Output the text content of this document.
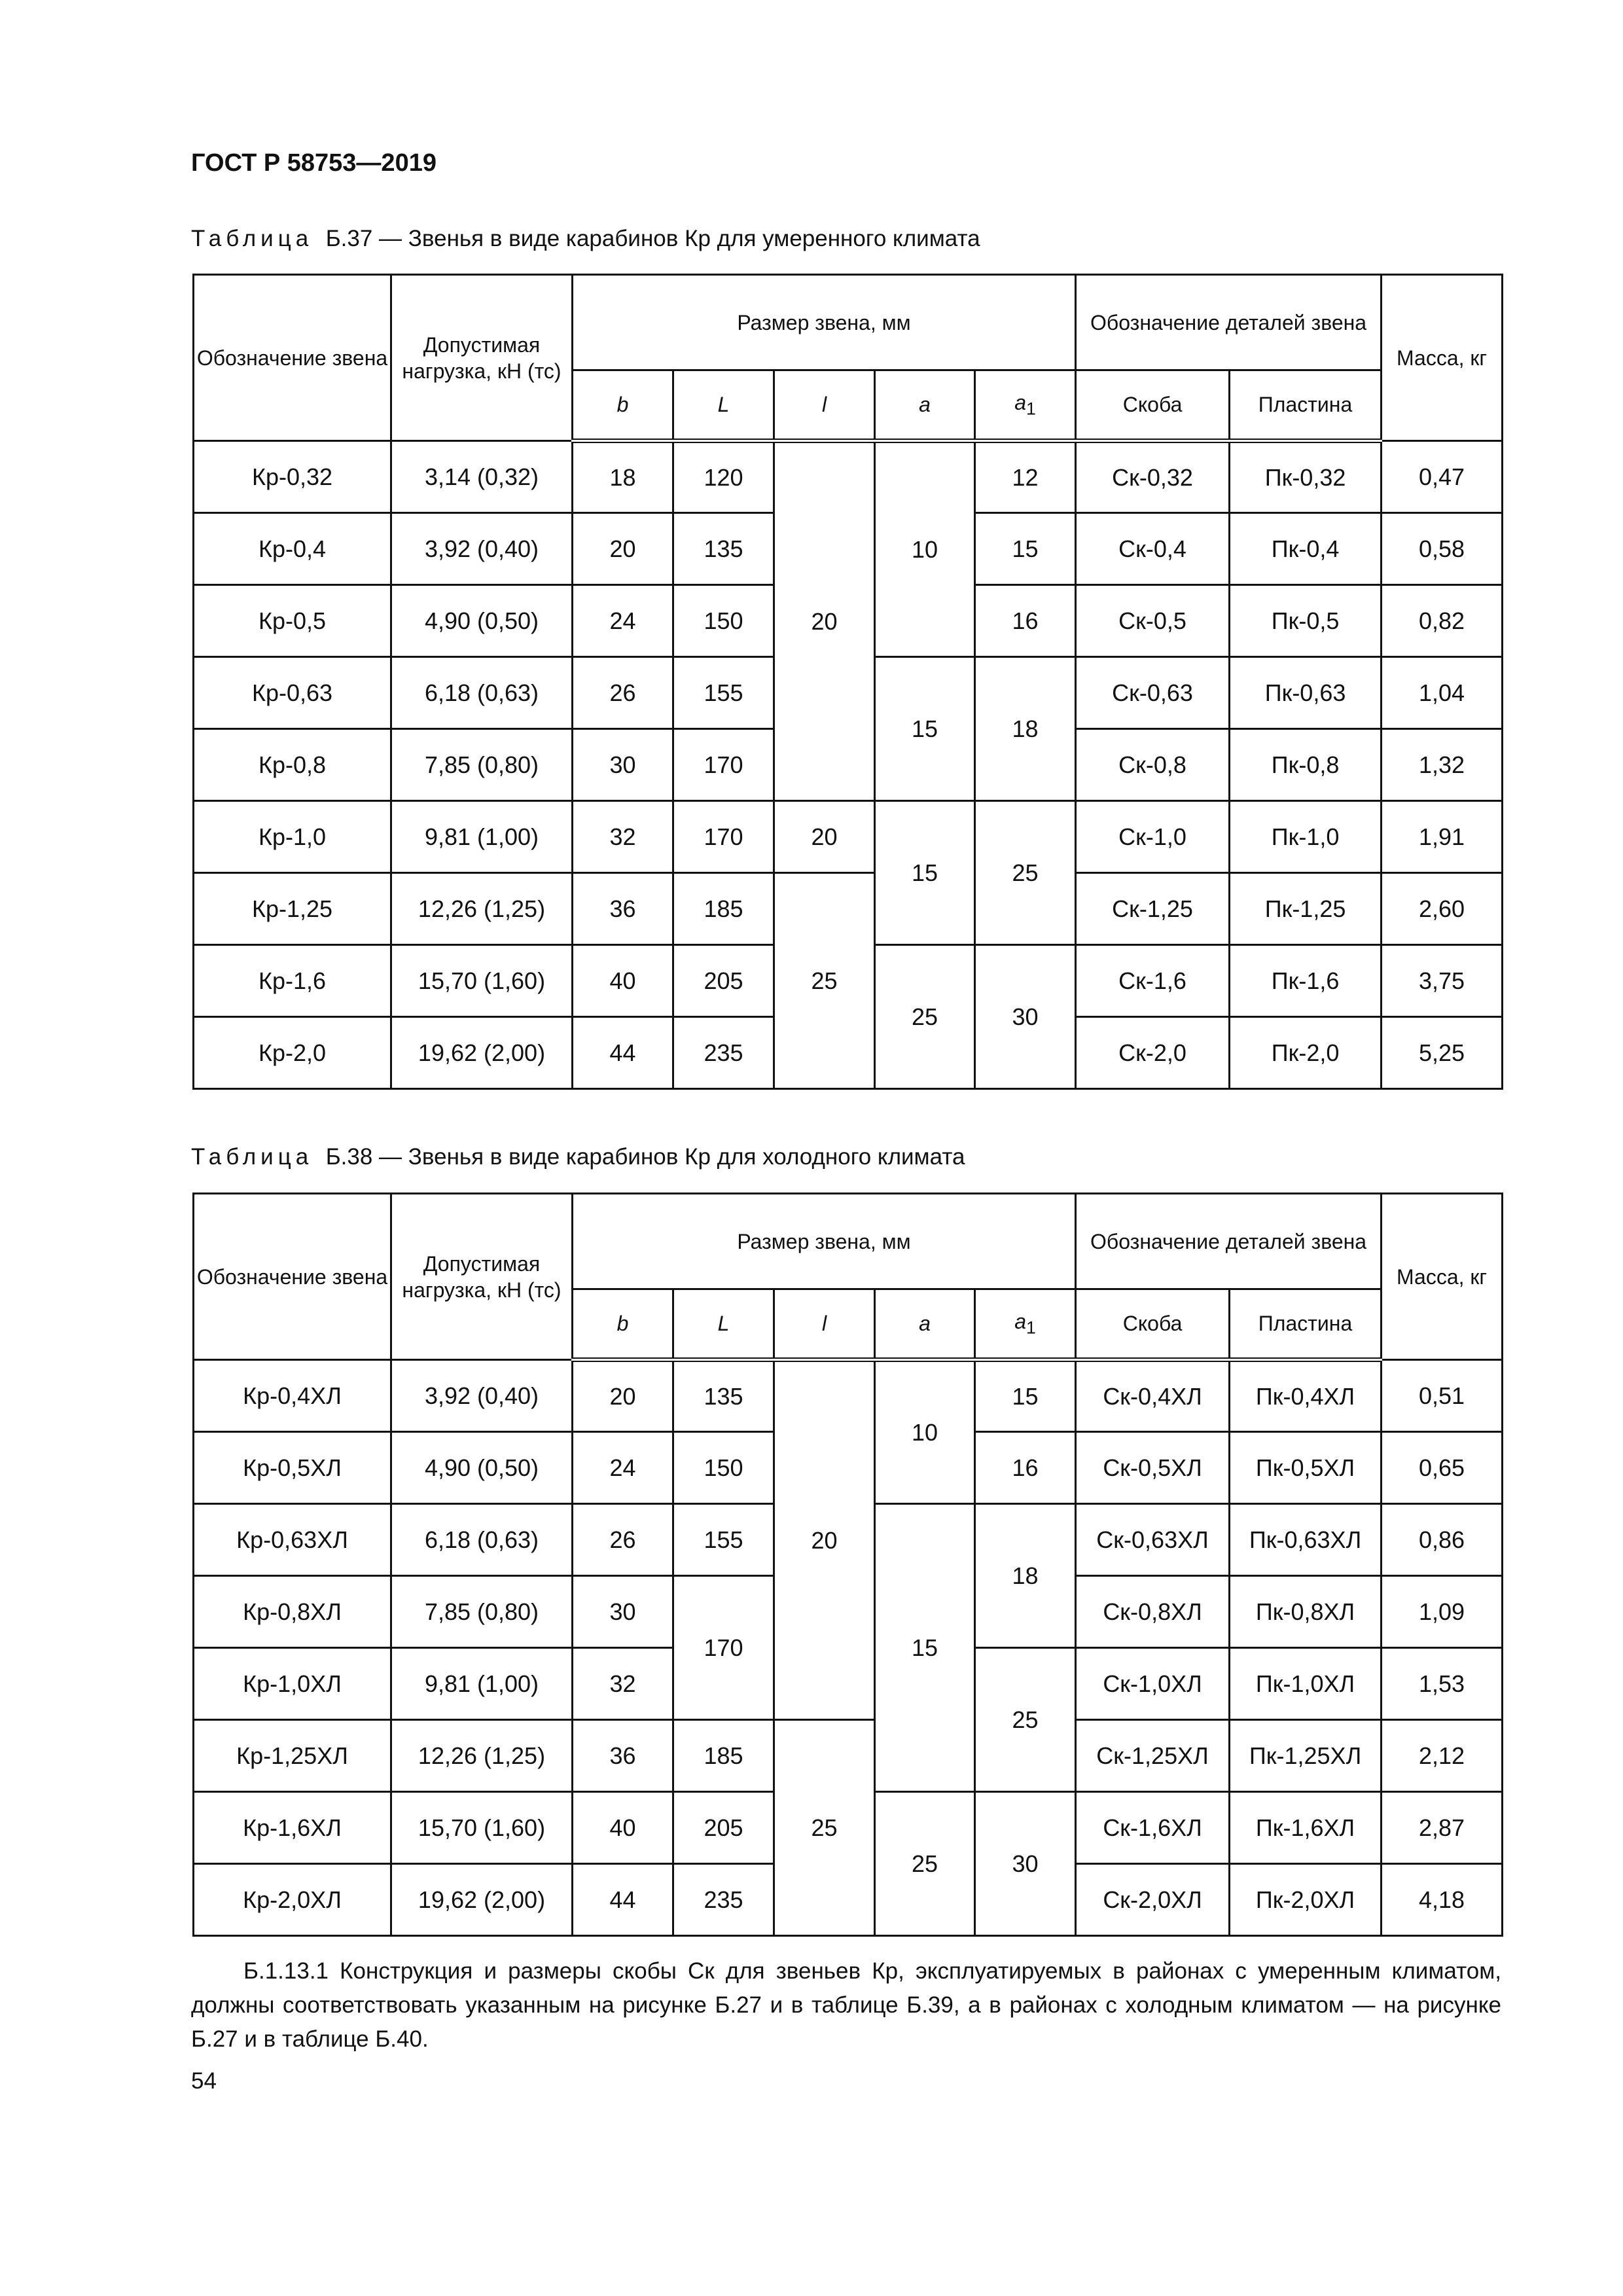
ГОСТ Р 58753—2019
Таблица Б.37 — Звенья в виде карабинов Кр для умеренного климата
Обозначение звена	Допустимая нагрузка, кН (тс)	Размер звена, мм					Обозначение деталей звена		Масса, кг
		b	L	l	a	$a_1$	Скоба	Пластина	
Кр-0,32	3,14 (0,32)	18	120	20	10	12	Ск-0,32	Пк-0,32	0,47
Кр-0,4	3,92 (0,40)	20	135			15	Ск-0,4	Пк-0,4	0,58
Кр-0,5	4,90 (0,50)	24	150			16	Ск-0,5	Пк-0,5	0,82
Кр-0,63	6,18 (0,63)	26	155		15	18	Ск-0,63	Пк-0,63	1,04
Кр-0,8	7,85 (0,80)	30	170				Ск-0,8	Пк-0,8	1,32
Кр-1,0	9,81 (1,00)	32	170	20	15	25	Ск-1,0	Пк-1,0	1,91
Кр-1,25	12,26 (1,25)	36	185	25			Ск-1,25	Пк-1,25	2,60
Кр-1,6	15,70 (1,60)	40	205		25	30	Ск-1,6	Пк-1,6	3,75
Кр-2,0	19,62 (2,00)	44	235				Ск-2,0	Пк-2,0	5,25
Таблица Б.38 — Звенья в виде карабинов Кр для холодного климата
Обозначение звена	Допустимая нагрузка, кН (тс)	Размер звена, мм					Обозначение деталей звена		Масса, кг
		b	L	l	a	$a_1$	Скоба	Пластина	
Кр-0,4ХЛ	3,92 (0,40)	20	135	20	10	15	Ск-0,4ХЛ	Пк-0,4ХЛ	0,51
Кр-0,5ХЛ	4,90 (0,50)	24	150			16	Ск-0,5ХЛ	Пк-0,5ХЛ	0,65
Кр-0,63ХЛ	6,18 (0,63)	26	155		15	18	Ск-0,63ХЛ	Пк-0,63ХЛ	0,86
Кр-0,8ХЛ	7,85 (0,80)	30	170				Ск-0,8ХЛ	Пк-0,8ХЛ	1,09
Кр-1,0ХЛ	9,81 (1,00)	32				25	Ск-1,0ХЛ	Пк-1,0ХЛ	1,53
Кр-1,25ХЛ	12,26 (1,25)	36	185	25			Ск-1,25ХЛ	Пк-1,25ХЛ	2,12
Кр-1,6ХЛ	15,70 (1,60)	40	205		25	30	Ск-1,6ХЛ	Пк-1,6ХЛ	2,87
Кр-2,0ХЛ	19,62 (2,00)	44	235				Ск-2,0ХЛ	Пк-2,0ХЛ	4,18

Б.1.13.1 Конструкция и размеры скобы Ск для звеньев Кр, эксплуатируемых в районах с умеренным климатом, должны соответствовать указанным на рисунке Б.27 и в таблице Б.39, а в районах с холодным климатом — на рисунке Б.27 и в таблице Б.40.

54
